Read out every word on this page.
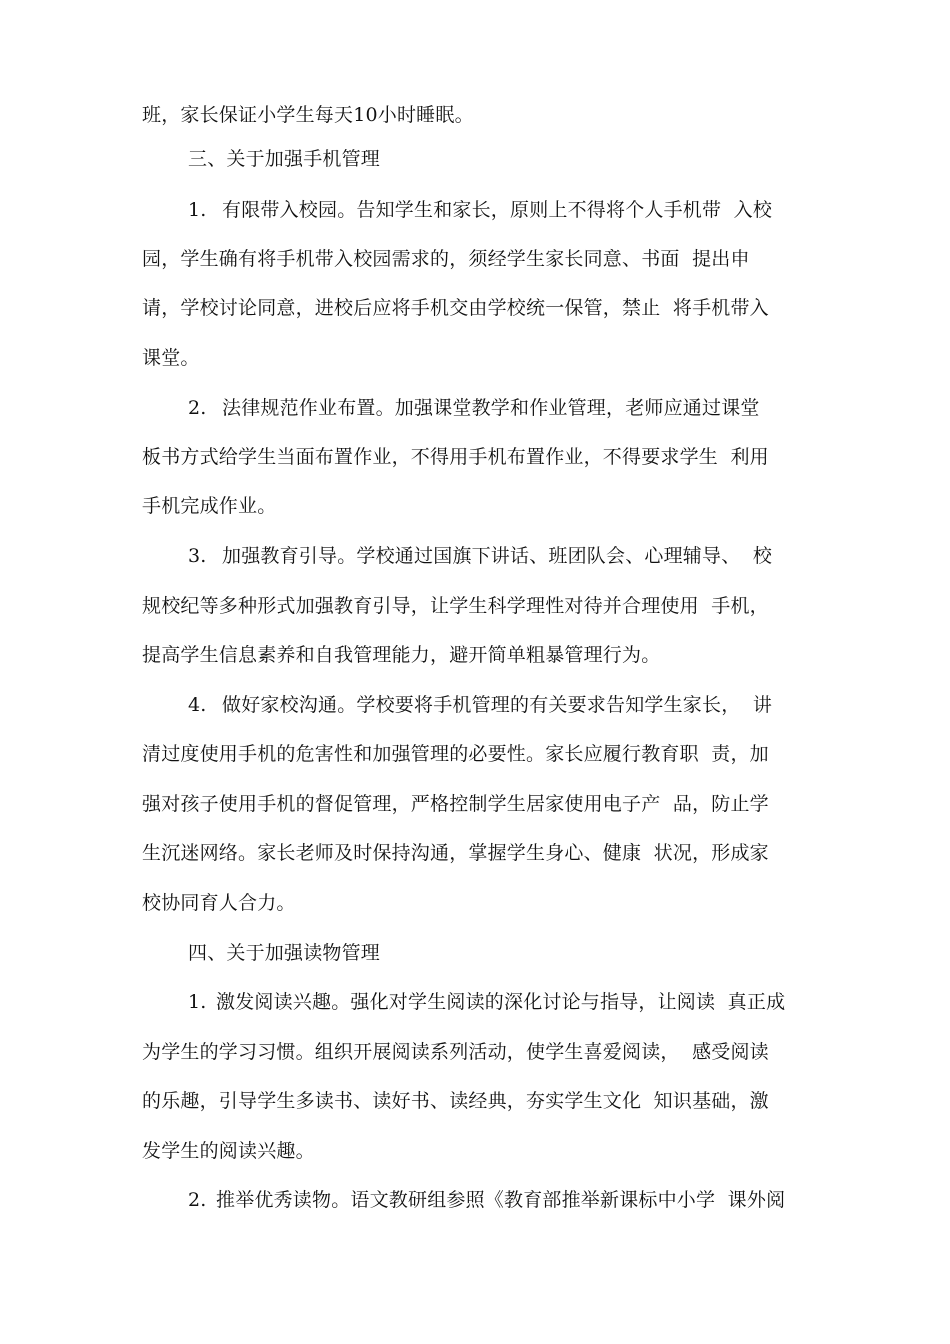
班，家长保证小学生每天10小时睡眠。
三、关于加强手机管理
1. 有限带入校园。告知学生和家长，原则上不得将个人手机带  入校
园，学生确有将手机带入校园需求的，须经学生家长同意、书面  提出申
请，学校讨论同意，进校后应将手机交由学校统一保管，禁止  将手机带入
课堂。
2. 法律规范作业布置。加强课堂教学和作业管理，老师应通过课堂
板书方式给学生当面布置作业，不得用手机布置作业，不得要求学生  利用
手机完成作业。
3. 加强教育引导。学校通过国旗下讲话、班团队会、心理辅导、  校
规校纪等多种形式加强教育引导，让学生科学理性对待并合理使用  手机，
提高学生信息素养和自我管理能力，避开简单粗暴管理行为。
4. 做好家校沟通。学校要将手机管理的有关要求告知学生家长，  讲
清过度使用手机的危害性和加强管理的必要性。家长应履行教育职  责，加
强对孩子使用手机的督促管理，严格控制学生居家使用电子产  品，防止学
生沉迷网络。家长老师及时保持沟通，掌握学生身心、健康  状况，形成家
校协同育人合力。
四、关于加强读物管理
1. 激发阅读兴趣。强化对学生阅读的深化讨论与指导，让阅读  真正成
为学生的学习习惯。组织开展阅读系列活动，使学生喜爱阅读，  感受阅读
的乐趣，引导学生多读书、读好书、读经典，夯实学生文化  知识基础，激
发学生的阅读兴趣。
2. 推举优秀读物。语文教研组参照《教育部推举新课标中小学  课外阅
